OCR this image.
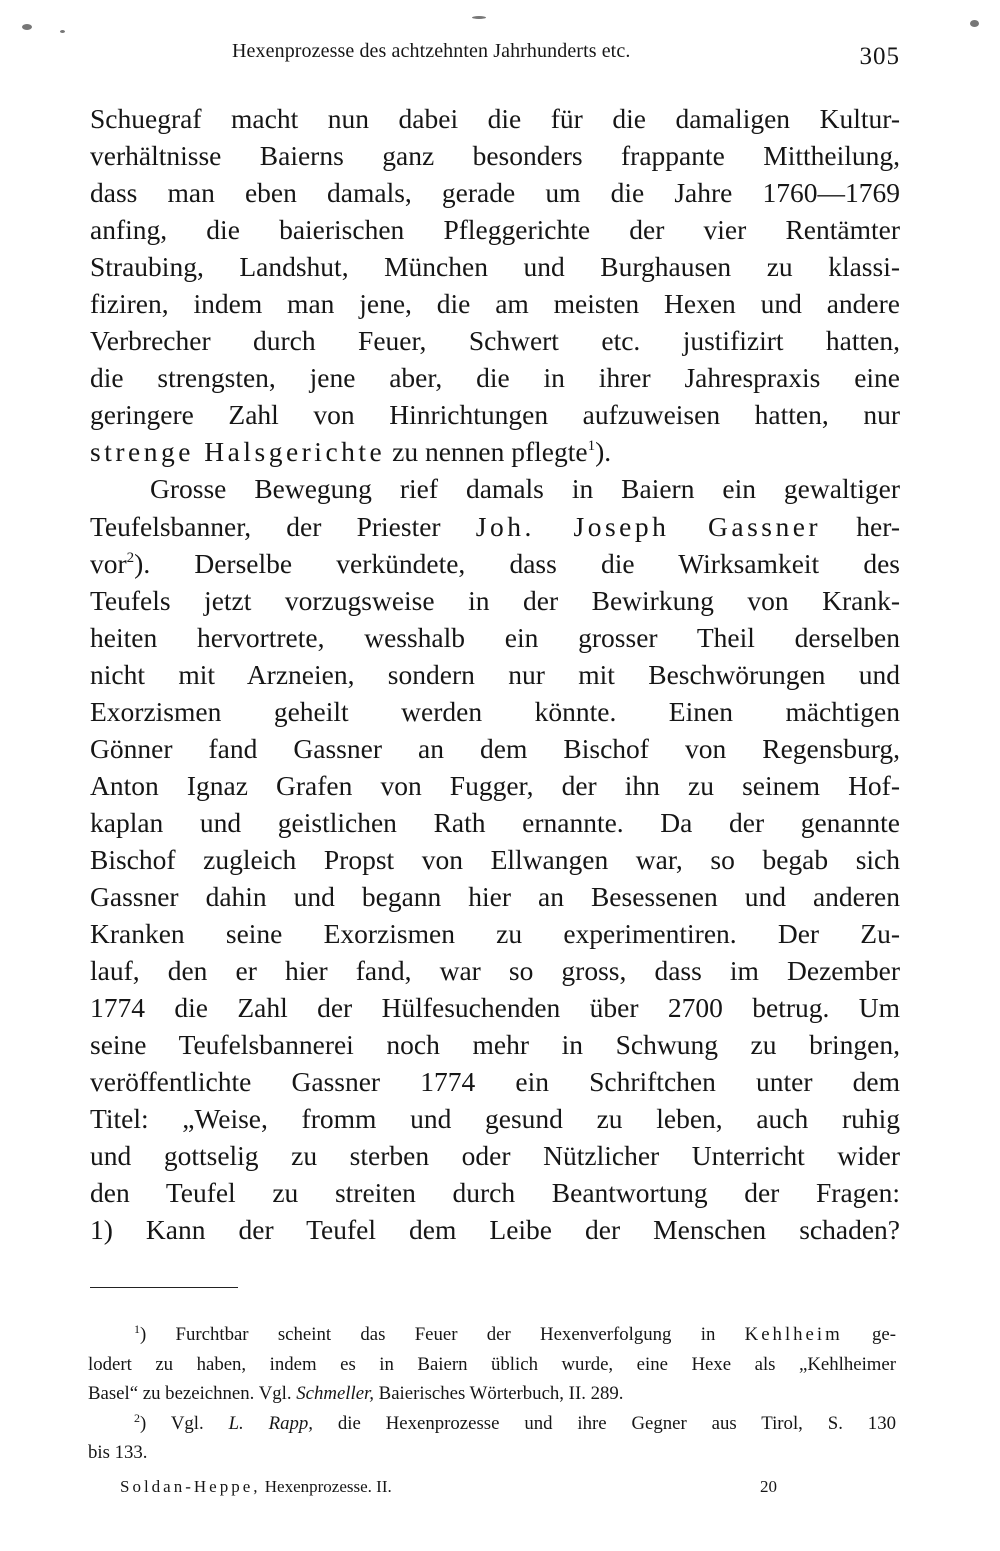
Hexenprozesse des achtzehnten Jahrhunderts etc.	305
Schuegraf macht nun dabei die für die damaligen Kultur-
verhältnisse Baierns ganz besonders frappante Mittheilung,
dass man eben damals, gerade um die Jahre 1760—1769
anfing, die baierischen Pfleggerichte der vier Rentämter
Straubing, Landshut, München und Burghausen zu klassi-
fiziren, indem man jene, die am meisten Hexen und andere
Verbrecher durch Feuer, Schwert etc. justifizirt hatten,
die strengsten, jene aber, die in ihrer Jahrespraxis eine
geringere Zahl von Hinrichtungen aufzuweisen hatten, nur
strenge Halsgerichte zu nennen pflegte$^1$).
Grosse Bewegung rief damals in Baiern ein gewaltiger
Teufelsbanner, der Priester Joh. Joseph Gassner her-
vor$^2$). Derselbe verkündete, dass die Wirksamkeit des
Teufels jetzt vorzugsweise in der Bewirkung von Krank-
heiten hervortrete, wesshalb ein grosser Theil derselben
nicht mit Arzneien, sondern nur mit Beschwörungen und
Exorzismen geheilt werden könnte. Einen mächtigen
Gönner fand Gassner an dem Bischof von Regensburg,
Anton Ignaz Grafen von Fugger, der ihn zu seinem Hof-
kaplan und geistlichen Rath ernannte. Da der genannte
Bischof zugleich Propst von Ellwangen war, so begab sich
Gassner dahin und begann hier an Besessenen und anderen
Kranken seine Exorzismen zu experimentiren. Der Zu-
lauf, den er hier fand, war so gross, dass im Dezember
1774 die Zahl der Hülfesuchenden über 2700 betrug. Um
seine Teufelsbannerei noch mehr in Schwung zu bringen,
veröffentlichte Gassner 1774 ein Schriftchen unter dem
Titel: „Weise, fromm und gesund zu leben, auch ruhig
und gottselig zu sterben oder Nützlicher Unterricht wider
den Teufel zu streiten durch Beantwortung der Fragen:
1) Kann der Teufel dem Leibe der Menschen schaden?
$^1$) Furchtbar scheint das Feuer der Hexenverfolgung in Kehlheim ge-
lodert zu haben, indem es in Baiern üblich wurde, eine Hexe als „Kehlheimer
Basel“ zu bezeichnen. Vgl. Schmeller, Baierisches Wörterbuch, II. 289.
$^2$) Vgl. L. Rapp, die Hexenprozesse und ihre Gegner aus Tirol, S. 130
bis 133.
Soldan-Heppe, Hexenprozesse. II.	20
